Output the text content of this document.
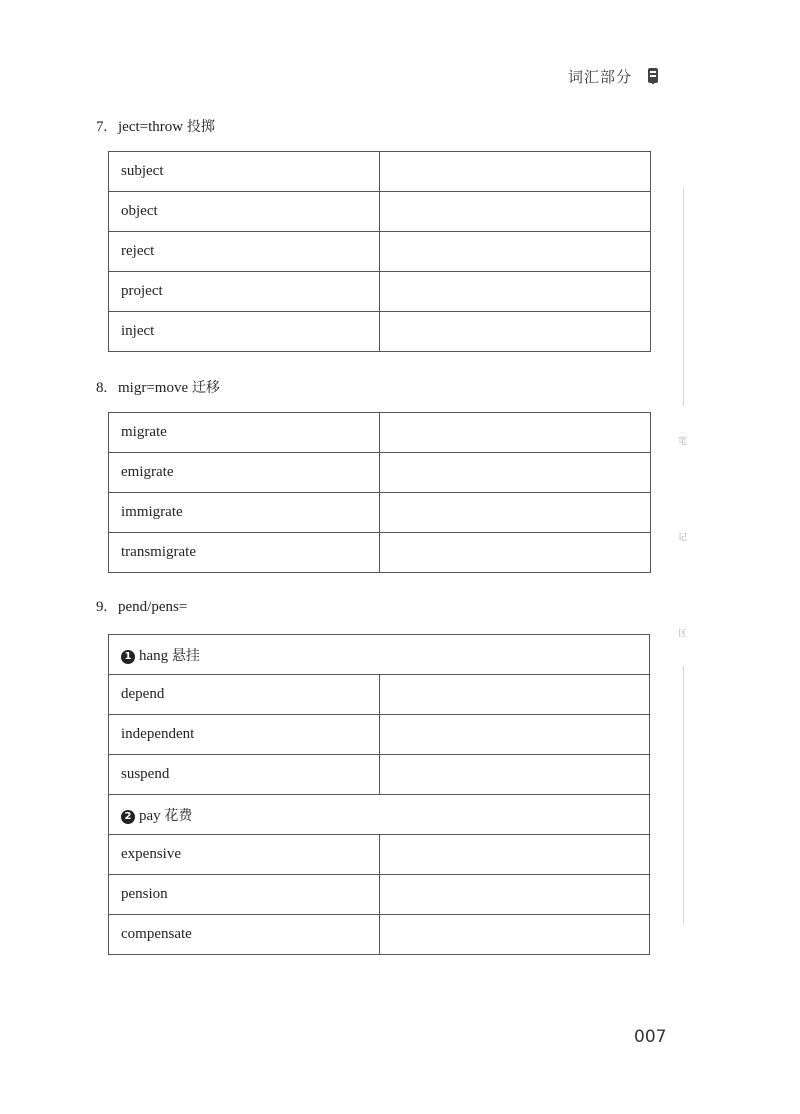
词汇部分
7. ject=throw 投掷
subject	
object	
reject	
project	
inject	
8. migr=move 迁移
migrate	
emigrate	
immigrate	
transmigrate	
9. pend/pens=
1 hang 悬挂	
depend	
independent	
suspend	
2 pay 花费	
expensive	
pension	
compensate	
笔
记
区
007
